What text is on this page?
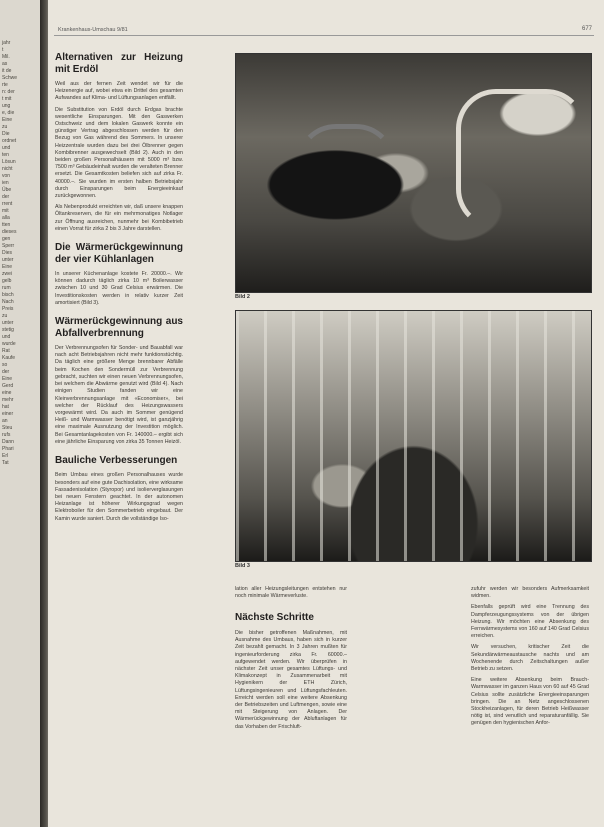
jahr
t
Mil.
as
it de
Schwe
rte
n: der
t mit
ung
e, die
Eine
zu
Die
ordnet
und
ten
Lösun
nicht
von
ien
Übe
der
rrent
mit
alla
tten
dieses
gen
Sperr
Dies
unter
Eine
zwei
gelb
rum
bisch
Nach
Preis
zu
unter
stetig
und
wurde
Rat
Kaufe
so
der
Eine
Gerd
eine
mehr
hat
einer
an
Steu
rufs
Dann
Phari
Erl
Tat
Krankenhaus-Umschau 9/81	677
Alternativen zur Heizung mit Erdöl

Weil aus der fernen Zeit wendet wir für die Heizenergie auf, wobei etwa ein Drittel des gesamten Aufwandes auf Klima- und Lüftungsanlagen entfällt.

Die Substitution von Erdöl durch Erdgas brachte wesentliche Einsparungen. Mit den Gaswerken Ostschweiz und dem lokalen Gaswerk konnte ein günstiger Vertrag abgeschlossen werden für den Bezug von Gas während des Sommers. In unserer Heizzentrale wurden dazu bei drei Ölbrenner gegen Kombibrenner ausgewechselt (Bild 2). Auch in den beiden großen Personalhäusern mit 5000 m³ bzw. 7500 m³ Gebäudeinhalt wurden die veralteten Brenner ersetzt. Die Gesamtkosten beliefen sich auf zirka Fr. 40000.–. Sie wurden im ersten halben Betriebsjahr durch Einsparungen beim Energieeinkauf zurückgewonnen.

Als Nebenprodukt erreichten wir, daß unsere knappen Öltankreserven, die für ein mehrmonatiges Notlager zur Öffnung ausreichen, nunmehr bei Kombibetrieb einen Vorrat für zirka 2 bis 3 Jahre darstellen.

Die Wärmerückgewinnung der vier Kühlanlagen

In unserer Küchenanlage kostete Fr. 20000.–. Wir können dadurch täglich zirka 10 m³ Boilerwasser zwischen 10 und 30 Grad Celsius erwärmen. Die Investitionskosten werden in relativ kurzer Zeit amortisiert (Bild 3).

Wärmerückgewinnung aus Abfallverbrennung

Der Verbrennungsofen für Sonder- und Bauabfall war nach acht Betriebsjahren nicht mehr funktionstüchtig. Da täglich eine größere Menge brennbarer Abfälle beim Kochen den Sondermüll zur Verbrennung gebracht, suchten wir einen neuen Verbrennungsofen, bei welchem die Abwärme genutzt wird (Bild 4). Nach einigen Studien fanden wir eine Kleinverbrennungsanlage mit «Economiser», bei welcher der Rücklauf des Heizungswassers vorgewärmt wird. Da auch im Sommer genügend Heiß- und Warmwasser benötigt wird, ist ganzjährig eine maximale Ausnutzung der Investition möglich. Bei Gesamtanlagekosten von Fr. 140000.– ergibt sich eine jährliche Einsparung von zirka 35 Tonnen Heizöl.

Bauliche Verbesserungen

Beim Umbau eines großen Personalhauses wurde besonders auf eine gute Dachisolation, eine wirksame Fassadenisolation (Styropor) und isolierverglasungen bei neuen Fenstern geachtet. In der autonomen Heizanlage ist höherer Wirkungsgrad wegen Elektroboiler für den Sommerbetrieb eingebaut. Der Kamin wurde saniert. Durch die vollständige Iso-

Bild 2
Bild 3

lation aller Heizungsleitungen entstehen nur noch minimale Wärmeverluste.

Nächste Schritte

Die bisher getroffenen Maßnahmen, mit Ausnahme des Umbaus, haben sich in kurzer Zeit bezahlt gemacht. In 3 Jahren mußten für ingenieurforderung zirka Fr. 60000.– aufgewendet werden. Wir überprüfen in nächster Zeit unser gesamtes Lüftungs- und Klimakonzept in Zusammenarbeit mit Hygienikern der ETH Zürich, Lüftungsingenieuren und Lüftungsfachleuten. Erreicht werden soll eine weitere Absenkung der Betriebszeiten und Luftmengen, sowie eine mit Steigerung von Anlagen. Der Wärmerückgewinnung der Abluftanlagen für das Vorhaben der Frischluft-

zufuhr werden wir besonders Aufmerksamkeit widmen.

Ebenfalls geprüft wird eine Trennung des Dampferzeugungssystems von der übrigen Heizung. Wir möchten eine Absenkung des Fernwärmesystems von 160 auf 140 Grad Celsius erreichen.

Wir versuchen, kritischer Zeit die Sekundärwärmeaustausche nachts und am Wochenende durch Zeitschaltungen außer Betrieb zu setzen.

Eine weitere Absenkung beim Brauch-Warmwasser im ganzen Haus von 60 auf 45 Grad Celsius sollte zusätzliche Energieeinsparungen bringen. Die an Netz angeschlossenen Stockheizanlagen, für deren Betrieb Heißwasser nötig ist, sind venutlich und reparaturanfällig. Sie genügen den hygienischen Anfor-
